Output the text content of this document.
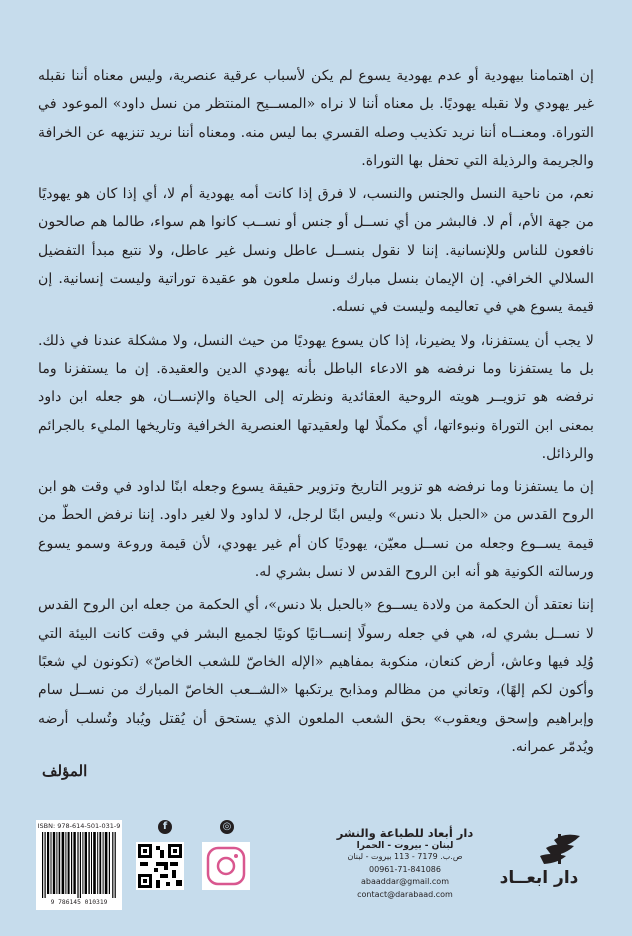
إن اهتمامنا بيهودية أو عدم يهودية يسوع لم يكن لأسباب عرقية عنصرية، وليس معناه أننا نقبله غير يهودي ولا نقبله يهوديًا. بل معناه أننا لا نراه «المســيح المنتظر من نسل داود» الموعود في التوراة. ومعنــاه أننا نريد تكذيب وصله القسري بما ليس منه. ومعناه أننا نريد تنزيهه عن الخرافة والجريمة والرذيلة التي تحفل بها التوراة.

نعم، من ناحية النسل والجنس والنسب، لا فرق إذا كانت أمه يهودية أم لا، أي إذا كان هو يهوديًا من جهة الأم، أم لا. فالبشر من أي نســل أو جنس أو نســب كانوا هم سواء، طالما هم صالحون نافعون للناس وللإنسانية. إننا لا نقول بنســل عاطل ونسل غير عاطل، ولا نتبع مبدأ التفضيل السلالي الخرافي. إن الإيمان بنسل مبارك ونسل ملعون هو عقيدة توراتية وليست إنسانية. إن قيمة يسوع هي في تعاليمه وليست في نسله.

لا يجب أن يستفزنا، ولا يضيرنا، إذا كان يسوع يهوديًا من حيث النسل، ولا مشكلة عندنا في ذلك. بل ما يستفزنا وما نرفضه هو الادعاء الباطل بأنه يهودي الدين والعقيدة. إن ما يستفزنا وما نرفضه هو تزويــر هويته الروحية العقائدية ونظرته إلى الحياة والإنســان، هو جعله ابن داود بمعنى ابن التوراة ونبوءاتها، أي مكملًا لها ولعقيدتها العنصرية الخرافية وتاريخها المليء بالجرائم والرذائل.

إن ما يستفزنا وما نرفضه هو تزوير التاريخ وتزوير حقيقة يسوع وجعله ابنًا لداود في وقت هو ابن الروح القدس من «الحبل بلا دنس» وليس ابنًا لرجل، لا لداود ولا لغير داود. إننا نرفض الحطّ من قيمة يســوع وجعله من نســل معيّن، يهوديًا كان أم غير يهودي، لأن قيمة وروعة وسمو يسوع ورسالته الكونية هو أنه ابن الروح القدس لا نسل بشري له.

إننا نعتقد أن الحكمة من ولادة يســوع «بالحبل بلا دنس»، أي الحكمة من جعله ابن الروح القدس لا نســل بشري له، هي في جعله رسولًا إنســانيًا كونيًا لجميع البشر في وقت كانت البيئة التي وُلِد فيها وعاش، أرض كنعان، منكوبة بمفاهيم «الإله الخاصّ للشعب الخاصّ» (تكونون لي شعبًا وأكون لكم إلهًا)، وتعاني من مظالم ومذابح يرتكبها «الشــعب الخاصّ المبارك من نســل سام وإبراهيم وإسحق ويعقوب» بحق الشعب الملعون الذي يستحق أن يُقتل ويُباد وتُسلب أرضه ويُدمّر عمرانه.

المؤلف
ISBN: 978-614-501-031-9
9 786145 010319
f	◎	دار أبعاد للطباعة والنشر
لبنان - بيروت - الحمرا
ص.ب. 7179 - 113 بيروت - لبنان
00961-71-841086
abaaddar@gmail.com
contact@darabaad.com
دار ابعــاد
